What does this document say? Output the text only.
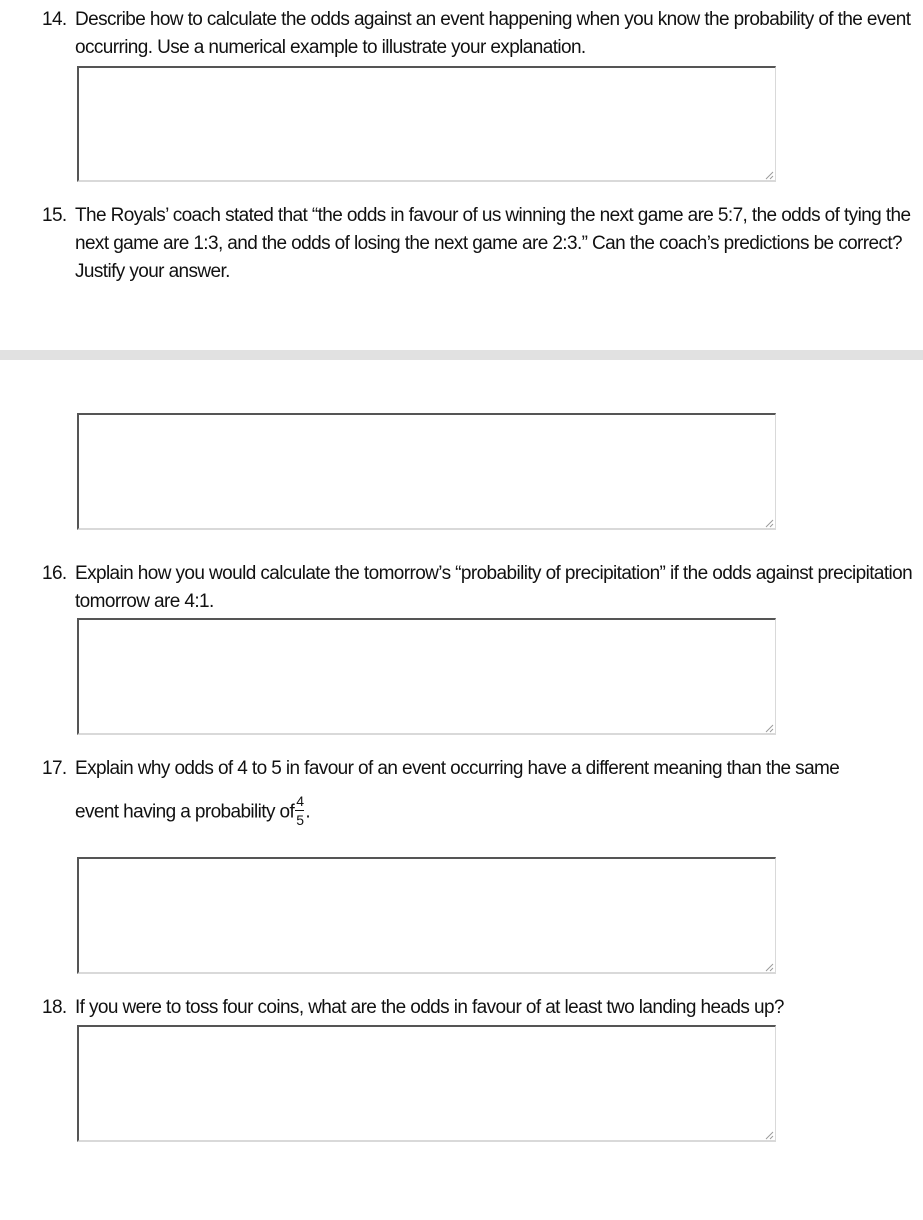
14. Describe how to calculate the odds against an event happening when you know the probability of the event occurring. Use a numerical example to illustrate your explanation.
15. The Royals’ coach stated that “the odds in favour of us winning the next game are 5:7, the odds of tying the next game are 1:3, and the odds of losing the next game are 2:3.” Can the coach’s predictions be correct? Justify your answer.
16. Explain how you would calculate the tomorrow’s “probability of precipitation” if the odds against precipitation tomorrow are 4:1.
17. Explain why odds of 4 to 5 in favour of an event occurring have a different meaning than the same
event having a probability of $\frac{4}{5}$ .
18. If you were to toss four coins, what are the odds in favour of at least two landing heads up?
